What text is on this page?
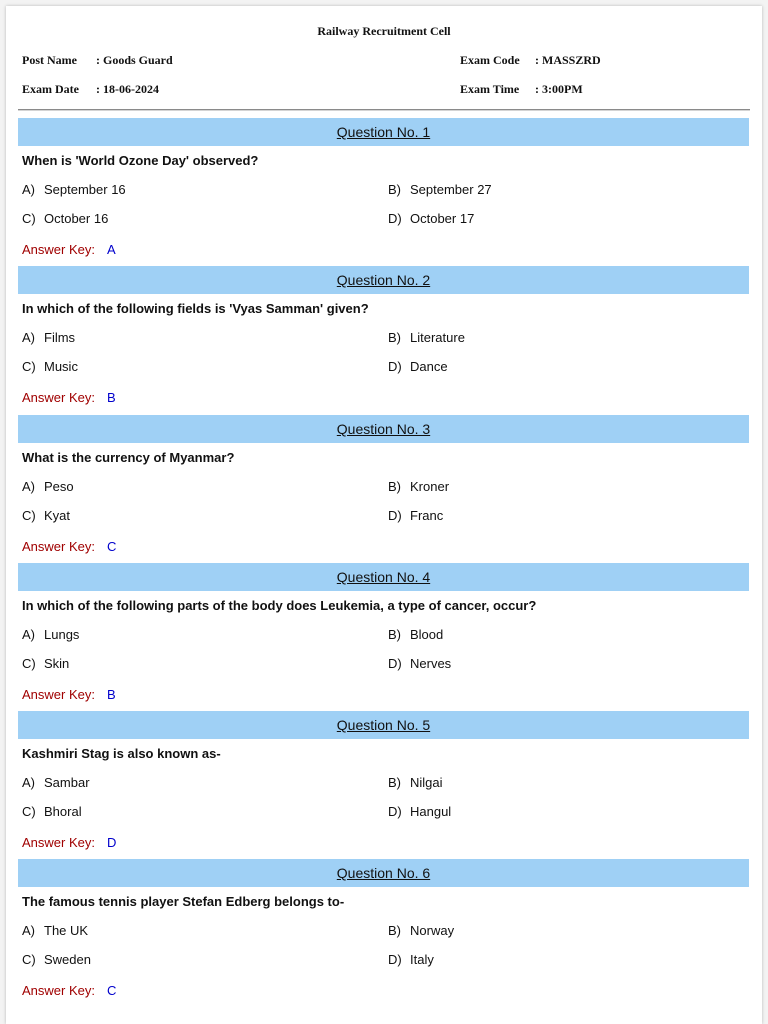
Railway Recruitment Cell
Post Name : Goods Guard	Exam Code : MASSZRD
Exam Date : 18-06-2024	Exam Time : 3:00PM
Question No. 1
When is 'World Ozone Day' observed?
A) September 16	B) September 27
C) October 16	D) October 17
Answer Key: A
Question No. 2
In which of the following fields is 'Vyas Samman' given?
A) Films	B) Literature
C) Music	D) Dance
Answer Key: B
Question No. 3
What is the currency of Myanmar?
A) Peso	B) Kroner
C) Kyat	D) Franc
Answer Key: C
Question No. 4
In which of the following parts of the body does Leukemia, a type of cancer, occur?
A) Lungs	B) Blood
C) Skin	D) Nerves
Answer Key: B
Question No. 5
Kashmiri Stag is also known as-
A) Sambar	B) Nilgai
C) Bhoral	D) Hangul
Answer Key: D
Question No. 6
The famous tennis player Stefan Edberg belongs to-
A) The UK	B) Norway
C) Sweden	D) Italy
Answer Key: C
